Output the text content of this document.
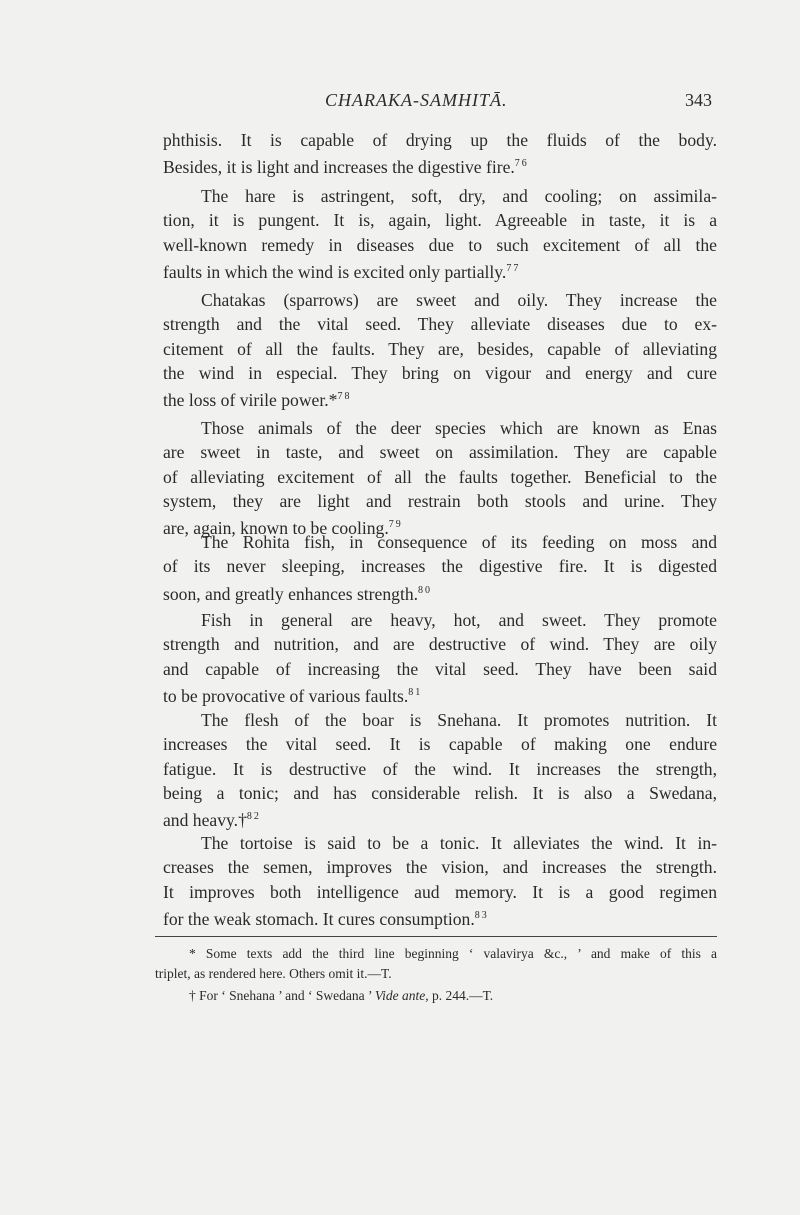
CHARAKA-SAMHITĀ.	343
phthisis. It is capable of drying up the fluids of the body.
Besides, it is light and increases the digestive fire.$^{76}$
The hare is astringent, soft, dry, and cooling; on assimila-
tion, it is pungent. It is, again, light. Agreeable in taste, it is a
well-known remedy in diseases due to such excitement of all the
faults in which the wind is excited only partially.$^{77}$
Chatakas (sparrows) are sweet and oily. They increase the
strength and the vital seed. They alleviate diseases due to ex-
citement of all the faults. They are, besides, capable of alleviating
the wind in especial. They bring on vigour and energy and cure
the loss of virile power.*$^{78}$
Those animals of the deer species which are known as Enas
are sweet in taste, and sweet on assimilation. They are capable
of alleviating excitement of all the faults together. Beneficial to the
system, they are light and restrain both stools and urine. They
are, again, known to be cooling.$^{79}$
The Rohita fish, in consequence of its feeding on moss and
of its never sleeping, increases the digestive fire. It is digested
soon, and greatly enhances strength.$^{80}$
Fish in general are heavy, hot, and sweet. They promote
strength and nutrition, and are destructive of wind. They are oily
and capable of increasing the vital seed. They have been said
to be provocative of various faults.$^{81}$
The flesh of the boar is Snehana. It promotes nutrition. It
increases the vital seed. It is capable of making one endure
fatigue. It is destructive of the wind. It increases the strength,
being a tonic; and has considerable relish. It is also a Swedana,
and heavy.†$^{82}$
The tortoise is said to be a tonic. It alleviates the wind. It in-
creases the semen, improves the vision, and increases the strength.
It improves both intelligence aud memory. It is a good regimen
for the weak stomach. It cures consumption.$^{83}$
* Some texts add the third line beginning ‘ valavirya &c., ’ and make of this a
triplet, as rendered here. Others omit it.—T.
† For ‘ Snehana ’ and ‘ Swedana ’ Vide ante, p. 244.—T.
